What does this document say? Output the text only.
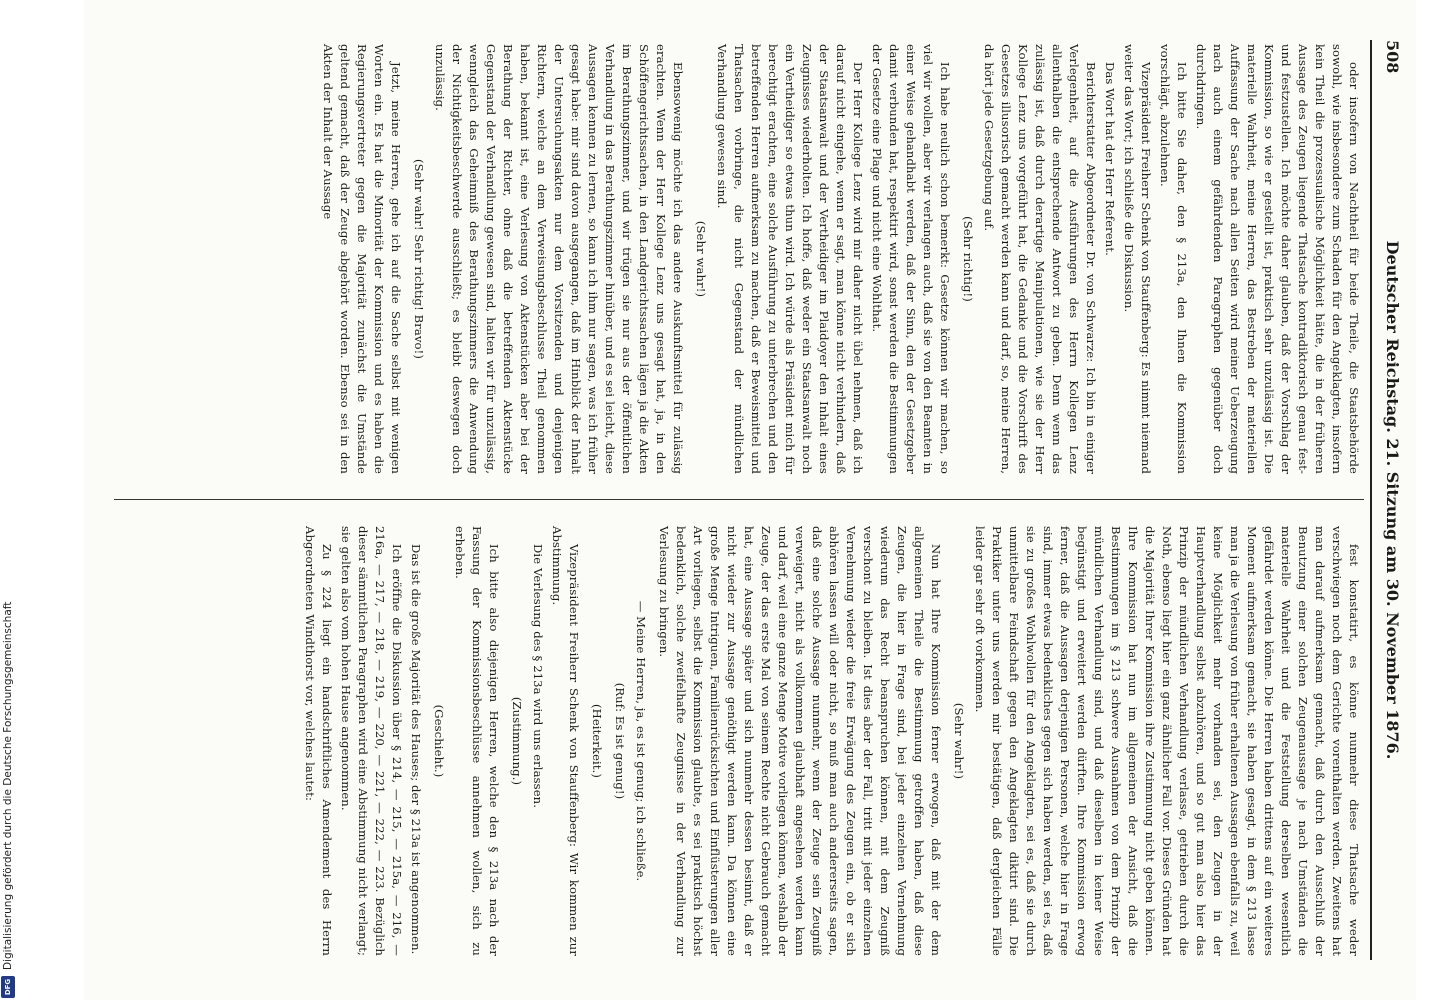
508
Deutscher Reichstag. 21. Sitzung am 30. November 1876.

oder insofern von Nachtheil für beide Theile, die Staatsbehörde sowohl, wie insbesondere zum Schaden für den Angeklagten, insofern kein Theil die prozessualische Möglichkeit hätte, die in der früheren Aussage des Zeugen liegende Thatsache kontradiktorisch genau fest- und festzustellen. Ich möchte daher glauben, daß der Vorschlag der Kommission, so wie er gestellt ist, praktisch sehr unzulässig ist. Die materielle Wahrheit, meine Herren, das Bestreben der materiellen Auffassung der Sache nach allen Seiten wird meiner Ueberzeugung nach auch einem gefährdenden Paragraphen gegenüber doch durchdringen.

Ich bitte Sie daher, den § 213a, den Ihnen die Kommission vorschlägt, abzulehnen.

Vizepräsident Freiherr Schenk von Stauffenberg: Es nimmt niemand weiter das Wort; ich schließe die Diskussion.

Das Wort hat der Herr Referent.

Berichterstatter Abgeordneter Dr. von Schwarze: Ich bin in einiger Verlegenheit, auf die Ausführungen des Herrn Kollegen Lenz allenthalben die entsprechende Antwort zu geben. Denn wenn das zulässig ist, daß durch derartige Manipulationen, wie sie der Herr Kollege Lenz uns vorgeführt hat, die Gedanke und die Vorschrift des Gesetzes illusorisch gemacht werden kann und darf, so, meine Herren, da hört jede Gesetzgebung auf.

(Sehr richtig!)

Ich habe neulich schon bemerkt: Gesetze können wir machen, so viel wir wollen, aber wir verlangen auch, daß sie von den Beamten in einer Weise gehandhabt werden, daß der Sinn, den der Gesetzgeber damit verbunden hat, respektirt wird, sonst werden die Bestimmungen der Gesetze eine Plage und nicht eine Wohlthat.

Der Herr Kollege Lenz wird mir daher nicht übel nehmen, daß ich darauf nicht eingehe, wenn er sagt, man könne nicht verhindern, daß der Staatsanwalt und der Vertheidiger im Plaidoyer den Inhalt eines Zeugnisses wiederholten. Ich hoffe, daß weder ein Staatsanwalt noch ein Vertheidiger so etwas thun wird. Ich würde als Präsident mich für berechtigt erachten, eine solche Ausführung zu unterbrechen und den betreffenden Herren aufmerksam zu machen, daß er Beweismittel und Thatsachen vorbringe, die nicht Gegenstand der mündlichen Verhandlung gewesen sind.

(Sehr wahr!)

Ebensowenig möchte ich das andere Auskunftsmittel für zulässig erachten. Wenn der Herr Kollege Lenz uns gesagt hat, ja, in den Schöffengerichtssachen, in den Landgerichtssachen lägen ja die Akten im Berathungszimmer, und wir trügen sie nur aus der öffentlichen Verhandlung in das Berathungszimmer hinüber, und es sei leicht, diese Aussagen kennen zu lernen, so kann ich ihm nur sagen, was ich früher gesagt habe: mir sind davon ausgegangen, daß im Hinblick der Inhalt der Untersuchungsakten nur dem Vorsitzenden und denjenigen Richtern, welche an dem Verweisungsbeschlusse Theil genommen haben, bekannt ist, eine Verlesung von Aktenstücken aber bei der Berathung der Richter, ohne daß die betreffenden Aktenstücke Gegenstand der Verhandlung gewesen sind, halten wir für unzulässig, wenngleich das Geheimniß des Berathungszimmers die Anwendung der Nichtigkeitsbeschwerde ausschließt; es bleibt deswegen doch unzulässig.

(Sehr wahr! Sehr richtig! Bravo!)

Jetzt, meine Herren, gehe ich auf die Sache selbst mit wenigen Worten ein. Es hat die Minorität der Kommission und es haben die Regierungsvertreter gegen die Majorität zunächst die Umstände geltend gemacht, daß der Zeuge abgehört worden. Ebenso sei in den Akten der Inhalt der Aussage

fest konstatirt, es könne nunmehr diese Thatsache weder verschwiegen noch dem Gerichte vorenthalten werden. Zweitens hat man darauf aufmerksam gemacht, daß durch den Ausschluß der Benutzung einer solchen Zeugenaussage je nach Umständen die materielle Wahrheit und die Feststellung derselben wesentlich gefährdet werden könne. Die Herren haben drittens auf ein weiteres Moment aufmerksam gemacht, sie haben gesagt, in dem § 213 lasse man ja die Verlesung von früher erhaltenen Aussagen ebenfalls zu, weil keine Möglichkeit mehr vorhanden sei, den Zeugen in der Hauptverhandlung selbst abzuhören, und so gut man also hier das Prinzip der mündlichen Verhandlung verlasse, getrieben durch die Noth, ebenso liegt hier ein ganz ähnlicher Fall vor. Dieses Gründen hat die Majorität Ihrer Kommission ihre Zustimmung nicht geben können. Ihre Kommission hat nun im allgemeinen der Ansicht, daß die Bestimmungen im § 213 schwere Ausnahmen von dem Prinzip der mündlichen Verhandlung sind, und daß dieselben in keiner Weise begünstigt und erweitert werden dürften. Ihre Kommission erwog ferner, daß die Aussagen derjenigen Personen, welche hier in Frage sind, immer etwas bedenkliches gegen sich haben werden, sei es, daß sie zu großes Wohlwollen für den Angeklagten, sei es, daß sie durch unmittelbare Feindschaft gegen den Angeklagten diktirt sind. Die Praktiker unter uns werden mir bestätigen, daß dergleichen Fälle leider gar sehr oft vorkommen.

(Sehr wahr!)

Nun hat Ihre Kommission ferner erwogen, daß mit der dem allgemeinen Theile die Bestimmung getroffen haben, daß diese Zeugen, die hier in Frage sind, bei jeder einzelnen Vernehmung wiederum das Recht beanspruchen können, mit dem Zeugniß verschont zu bleiben. Ist dies aber der Fall, tritt mit jeder einzelnen Vernehmung wieder die freie Erwägung des Zeugen ein, ob er sich abhören lassen will oder nicht, so muß man auch andererseits sagen, daß eine solche Aussage nunmehr, wenn der Zeuge sein Zeugniß verweigert, nicht als vollkommen glaubhaft angesehen werden kann und darf, weil eine ganze Menge Motive vorliegen können, weshalb der Zeuge, der das erste Mal von seinem Rechte nicht Gebrauch gemacht hat, eine Aussage später und sich nunmehr dessen besinnt, daß er nicht wieder zur Aussage genöthigt werden kann. Da können eine große Menge Intriguen, Familienrücksichten und Einflüsterungen aller Art vorliegen, selbst die Kommission glaubte, es sei praktisch höchst bedenklich, solche zweifelhafte Zeugnisse in der Verhandlung zur Verlesung zu bringen.

— Meine Herren, ja, es ist genug; ich schließe.

(Ruf: Es ist genug!)

(Heiterkeit.)

Vizepräsident Freiherr Schenk von Stauffenberg: Wir kommen zur Abstimmung.

Die Verlesung des § 213a wird uns erlassen.

(Zustimmung.)

Ich bitte also diejenigen Herren, welche den § 213a nach der Fassung der Kommissionsbeschlüsse annehmen wollen, sich zu erheben.

(Geschieht.)

Das ist die große Majorität des Hauses; der § 213a ist angenommen.

Ich eröffne die Diskussion über § 214, — 215, — 215a, — 216, — 216a, — 217, — 218, — 219, — 220, — 221, — 222, — 223. Bezüglich dieser sämmtlichen Paragraphen wird eine Abstimmung nicht verlangt; sie gelten also vom hohen Hause angenommen.

Zu § 224 liegt ein handschriftliches Amendement des Herrn Abgeordneten Windthorst vor, welches lautet:

Digitalisierung gefördert durch die Deutsche Forschungsgemeinschaft
DFG
